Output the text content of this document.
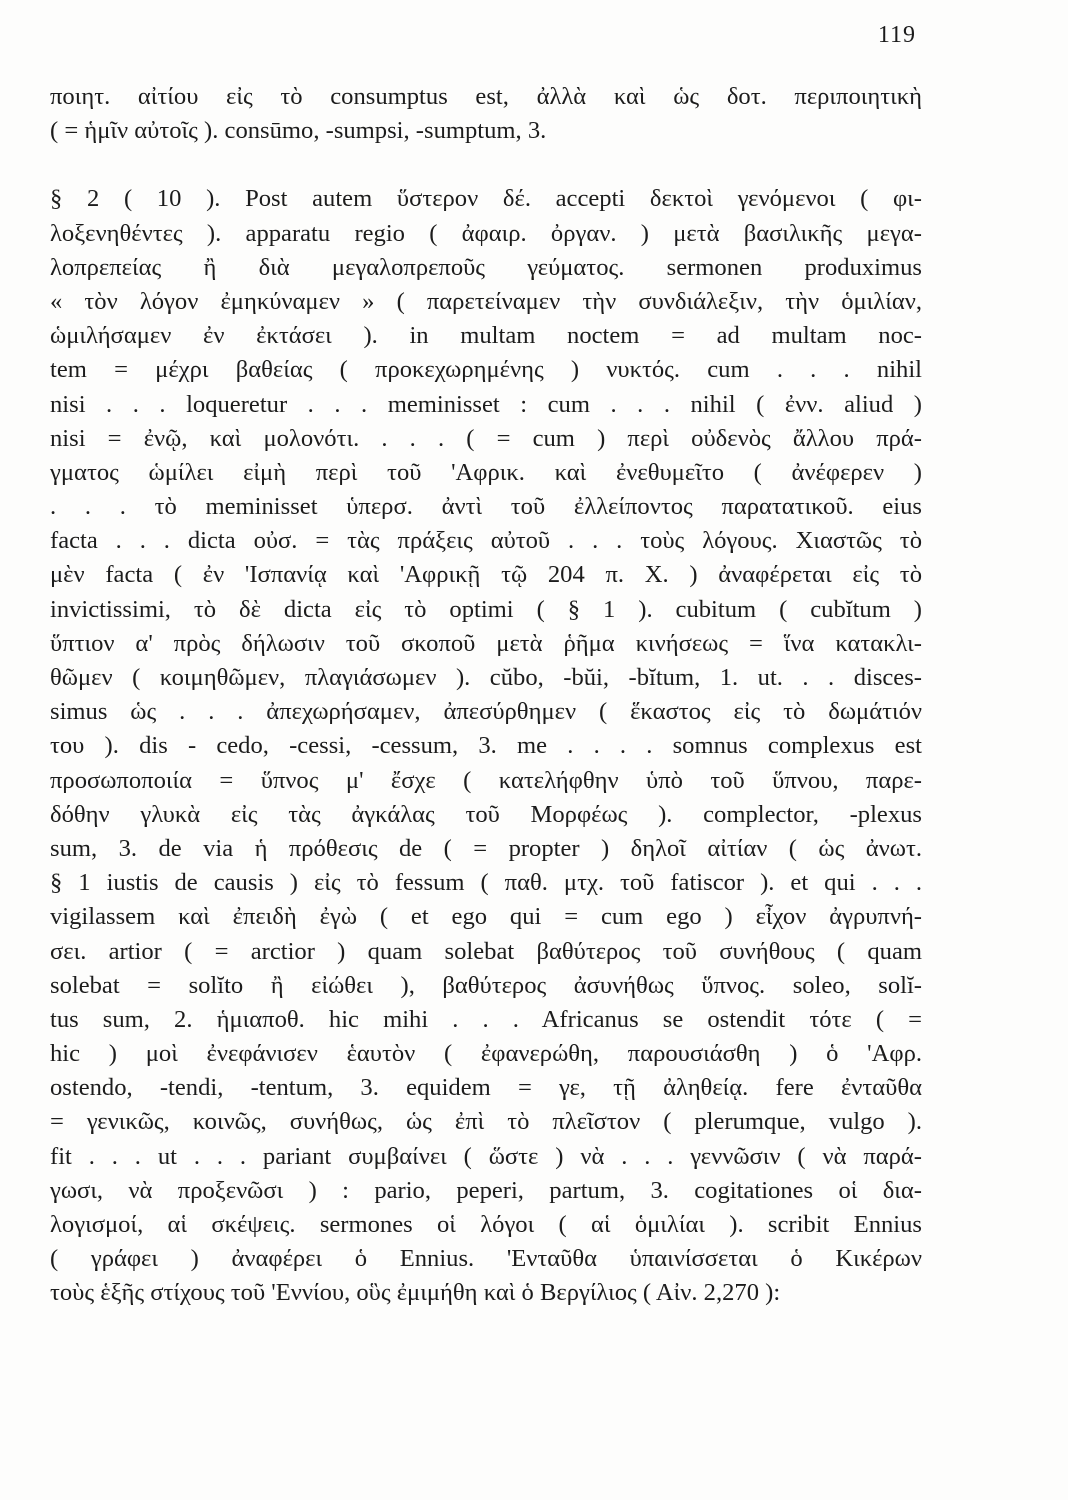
119
ποιητ. αἰτίου εἰς τὸ consumptus est, ἀλλὰ καὶ ὡς δοτ. περιποιητικὴ
( = ἡμῖν αὐτοῖς ). consūmo, -sumpsi, -sumptum, 3.
§ 2 ( 10 ). Post autem ὕστερον δέ. accepti δεκτοὶ γενόμενοι ( φι-
λοξενηθέντες ). apparatu regio ( ἀφαιρ. ὀργαν. ) μετὰ βασιλικῆς μεγα-
λοπρεπείας ἢ διὰ μεγαλοπρεποῦς γεύματος. sermonen produximus
« τὸν λόγον ἐμηκύναμεν » ( παρετείναμεν τὴν συνδιάλεξιν, τὴν ὁμιλίαν,
ὡμιλήσαμεν ἐν ἐκτάσει ). in multam noctem = ad multam noc-
tem = μέχρι βαθείας ( προκεχωρημένης ) νυκτός. cum . . . nihil
nisi . . . loqueretur . . . meminisset : cum . . . nihil ( ἐνν. aliud )
nisi = ἐνῷ, καὶ μολονότι. . . . ( = cum ) περὶ οὐδενὸς ἄλλου πρά-
γματος ὡμίλει εἰμὴ περὶ τοῦ 'Αφρικ. καὶ ἐνεθυμεῖτο ( ἀνέφερεν )
. . . τὸ meminisset ὑπερσ. ἀντὶ τοῦ ἐλλείποντος παρατατικοῦ. eius
facta . . . dicta οὐσ. = τὰς πράξεις αὐτοῦ . . . τοὺς λόγους. Χιαστῶς τὸ
μὲν facta ( ἐν 'Ισπανίᾳ καὶ 'Αφρικῇ τῷ 204 π. Χ. ) ἀναφέρεται εἰς τὸ
invictissimi, τὸ δὲ dicta εἰς τὸ optimi ( § 1 ). cubitum ( cubĭtum )
ὕπτιον α' πρὸς δήλωσιν τοῦ σκοποῦ μετὰ ῥῆμα κινήσεως = ἵνα κατακλι-
θῶμεν ( κοιμηθῶμεν, πλαγιάσωμεν ). cŭbo, -bŭi, -bĭtum, 1. ut. . . disces-
simus ὡς . . . ἀπεχωρήσαμεν, ἀπεσύρθημεν ( ἕκαστος εἰς τὸ δωμάτιόν
του ). dis - cedo, -cessi, -cessum, 3. me . . . . somnus complexus est
προσωποποιία = ὕπνος μ' ἔσχε ( κατελήφθην ὑπὸ τοῦ ὕπνου, παρε-
δόθην γλυκὰ εἰς τὰς ἀγκάλας τοῦ Μορφέως ). complector, -plexus
sum, 3. de via ἡ πρόθεσις de ( = propter ) δηλοῖ αἰτίαν ( ὡς ἀνωτ.
§ 1 iustis de causis ) εἰς τὸ fessum ( παθ. μτχ. τοῦ fatiscor ). et qui . . .
vigilassem καὶ ἐπειδὴ ἐγὼ ( et ego qui = cum ego ) εἶχον ἀγρυπνή-
σει. artior ( = arctior ) quam solebat βαθύτερος τοῦ συνήθους ( quam
solebat = solĭto ἢ εἰώθει ), βαθύτερος ἀσυνήθως ὕπνος. soleo, solĭ-
tus sum, 2. ἡμιαποθ. hic mihi . . . Africanus se ostendit τότε ( =
hic ) μοὶ ἐνεφάνισεν ἑαυτὸν ( ἐφανερώθη, παρουσιάσθη ) ὁ 'Αφρ.
ostendo, -tendi, -tentum, 3. equidem = γε, τῇ ἀληθείᾳ. fere ἐνταῦθα
= γενικῶς, κοινῶς, συνήθως, ὡς ἐπὶ τὸ πλεῖστον ( plerumque, vulgo ).
fit . . . ut . . . pariant συμβαίνει ( ὥστε ) νὰ . . . γεννῶσιν ( νὰ παρά-
γωσι, νὰ προξενῶσι ) : pario, peperi, partum, 3. cogitationes οἱ δια-
λογισμοί, αἱ σκέψεις. sermones οἱ λόγοι ( αἱ ὁμιλίαι ). scribit Ennius
( γράφει ) ἀναφέρει ὁ Ennius. 'Ενταῦθα ὑπαινίσσεται ὁ Κικέρων
τοὺς ἑξῆς στίχους τοῦ 'Εννίου, οὓς ἐμιμήθη καὶ ὁ Βεργίλιος ( Αἰν. 2,270 ):
